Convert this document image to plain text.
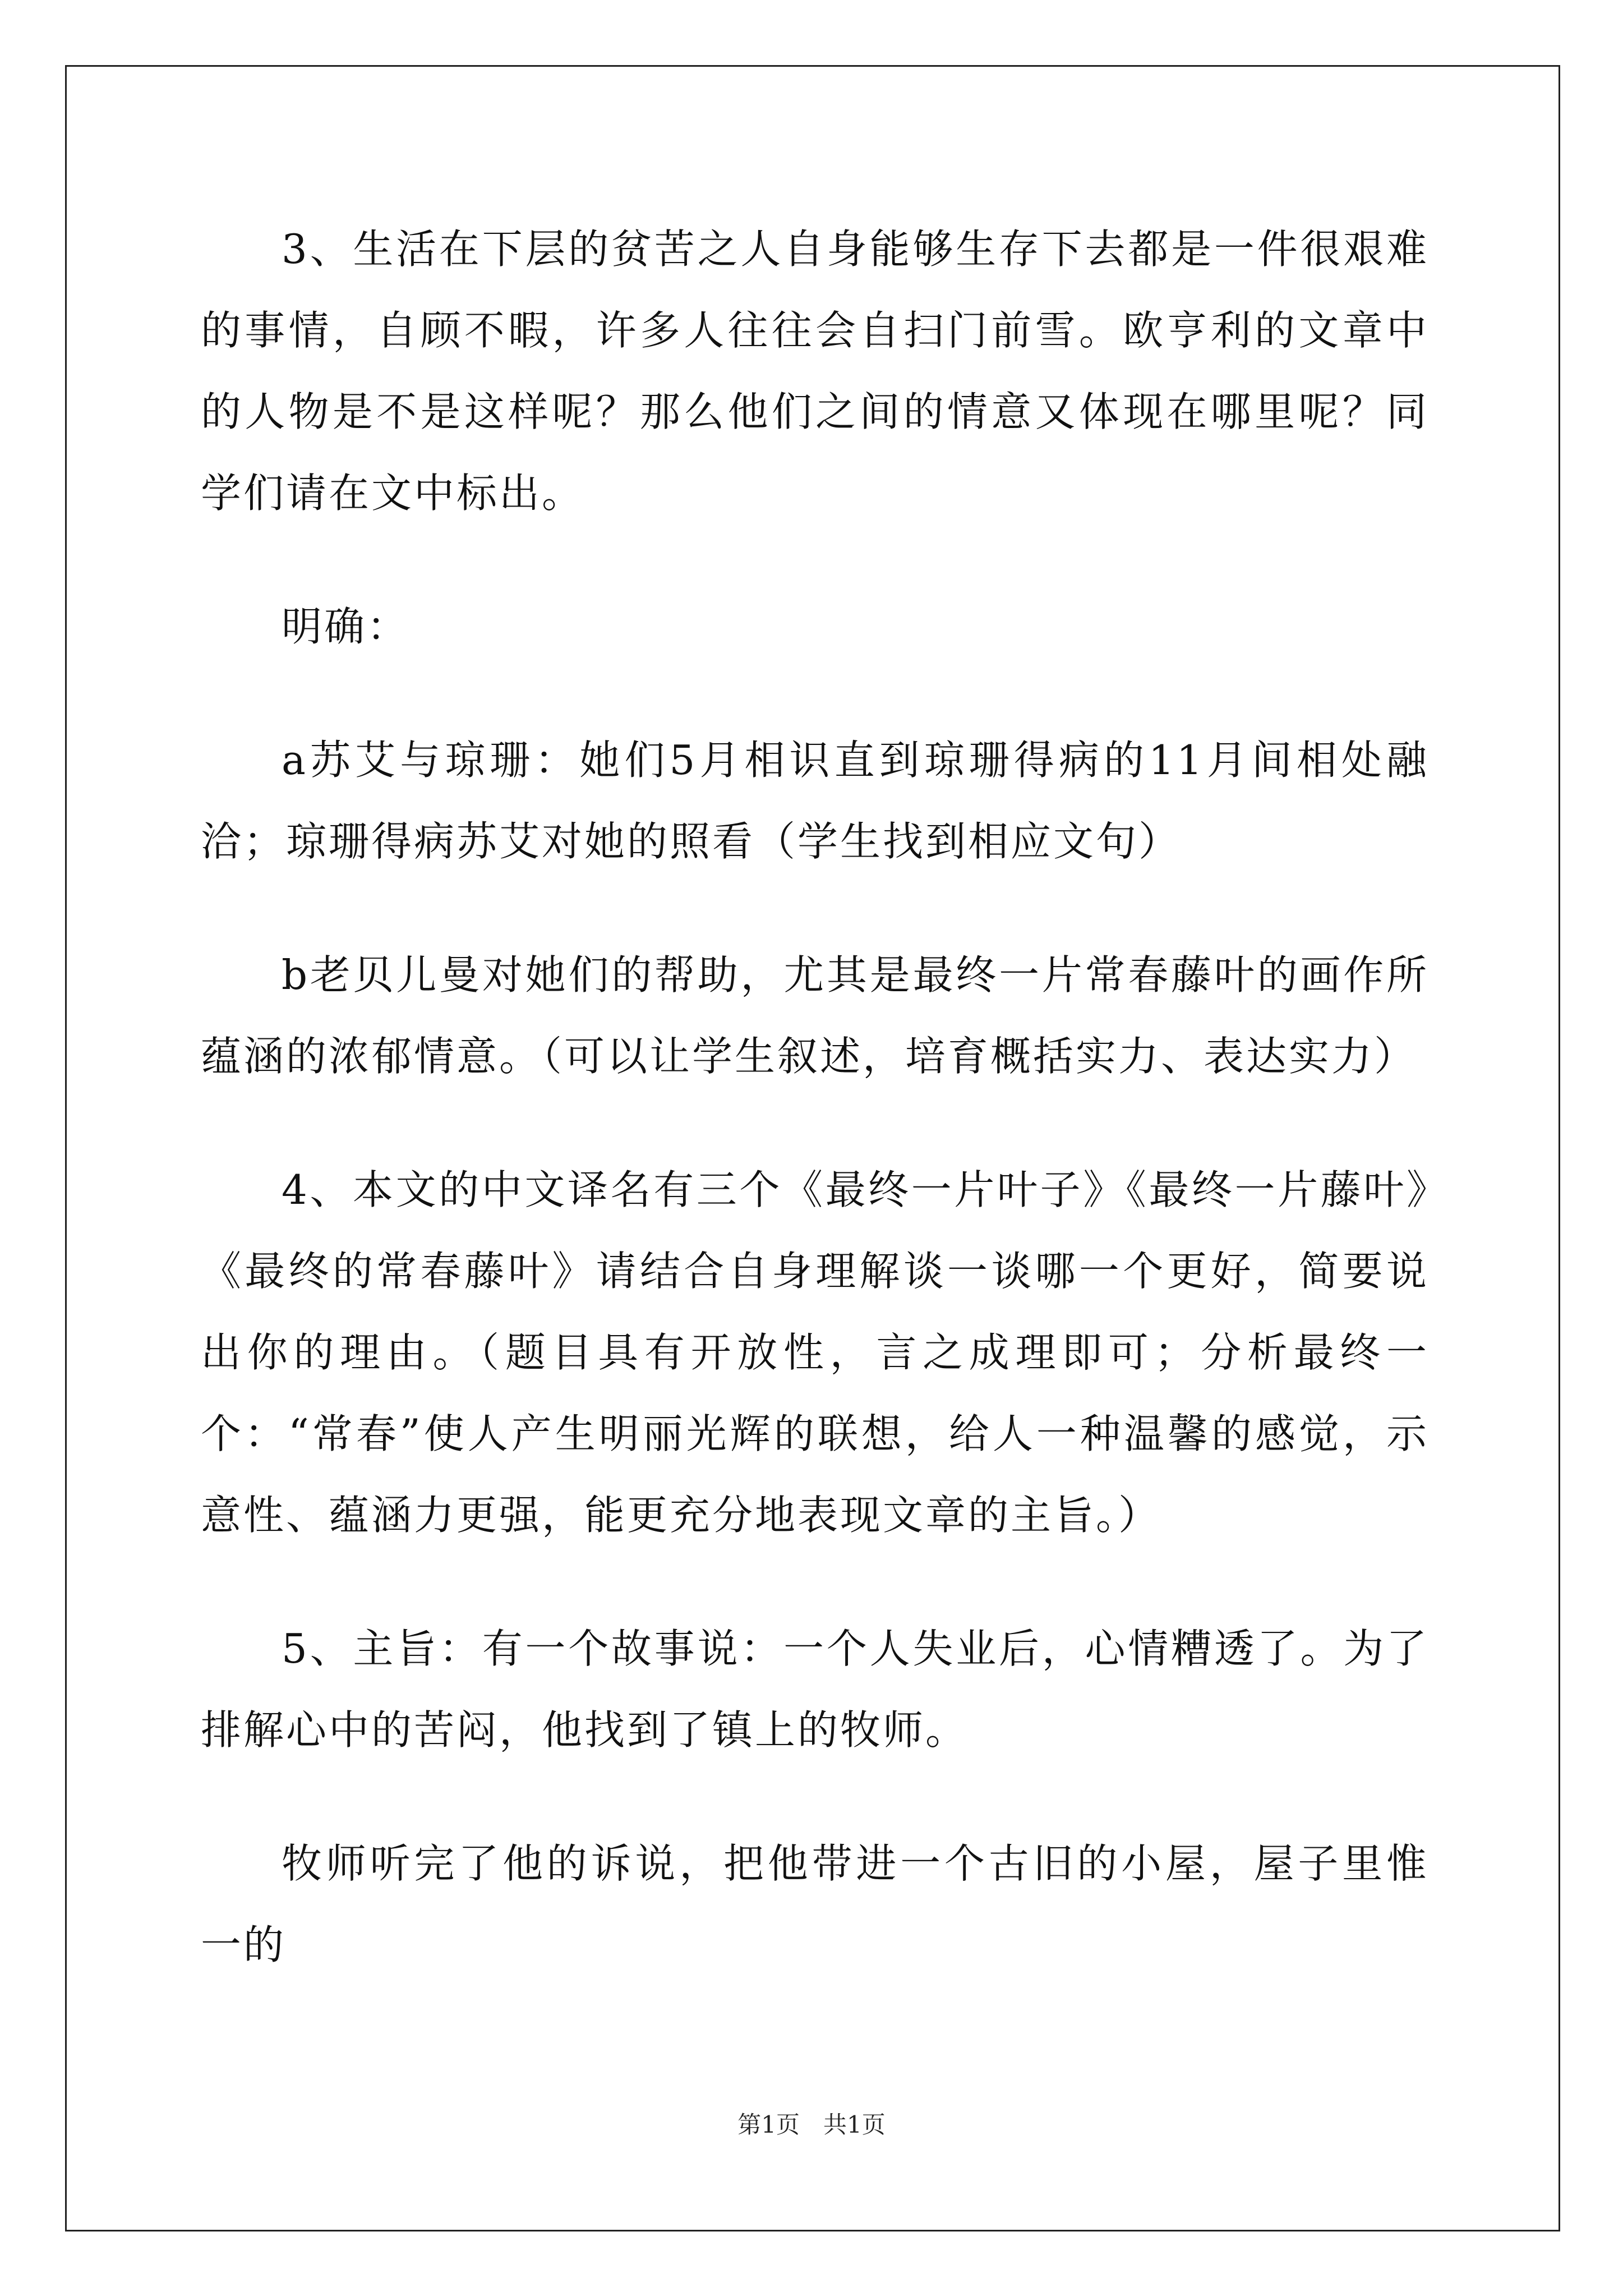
3、生活在下层的贫苦之人自身能够生存下去都是一件很艰难的事情，自顾不暇，许多人往往会自扫门前雪。欧亨利的文章中的人物是不是这样呢？那么他们之间的情意又体现在哪里呢？同学们请在文中标出。

明确：

a苏艾与琼珊：她们5月相识直到琼珊得病的11月间相处融洽；琼珊得病苏艾对她的照看（学生找到相应文句）

b老贝儿曼对她们的帮助，尤其是最终一片常春藤叶的画作所蕴涵的浓郁情意。（可以让学生叙述，培育概括实力、表达实力）

4、本文的中文译名有三个《最终一片叶子》《最终一片藤叶》《最终的常春藤叶》请结合自身理解谈一谈哪一个更好，简要说出你的理由。（题目具有开放性，言之成理即可；分析最终一个：“常春”使人产生明丽光辉的联想，给人一种温馨的感觉，示意性、蕴涵力更强，能更充分地表现文章的主旨。）

5、主旨：有一个故事说：一个人失业后，心情糟透了。为了排解心中的苦闷，他找到了镇上的牧师。

牧师听完了他的诉说，把他带进一个古旧的小屋，屋子里惟一的

第1页　共1页
